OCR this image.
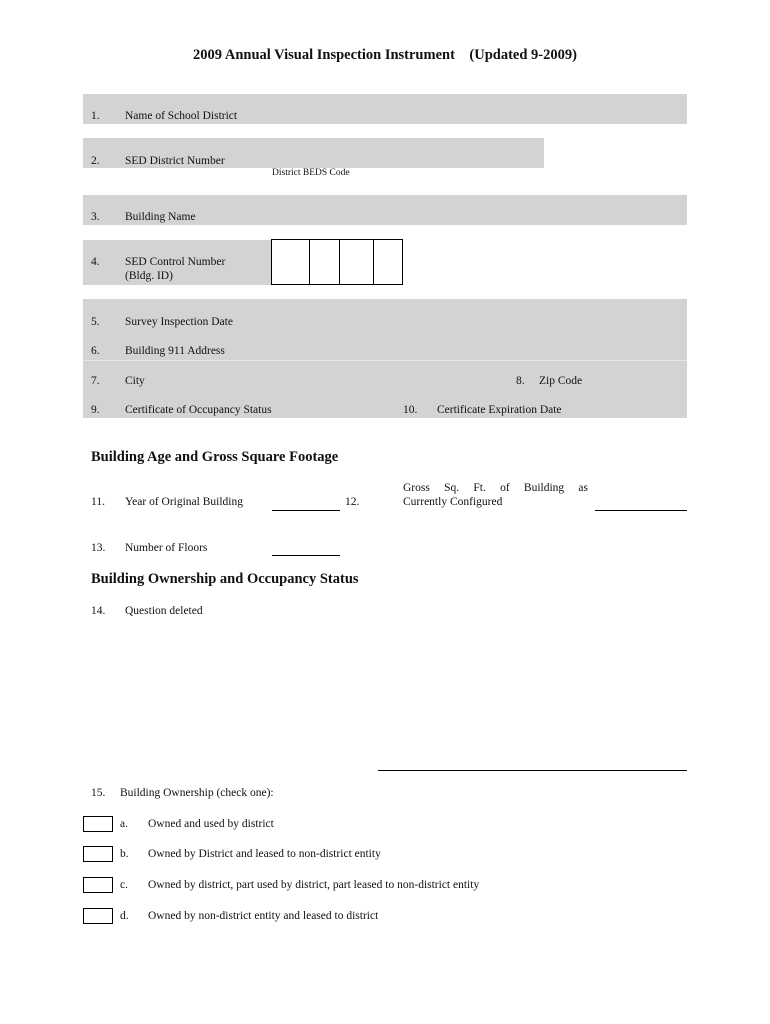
2009 Annual Visual Inspection Instrument    (Updated 9-2009)
1. Name of School District
2. SED District Number
District BEDS Code
3. Building Name
4. SED Control Number
(Bldg. ID)
5. Survey Inspection Date
6. Building 911 Address
7. City	8. Zip Code
9. Certificate of Occupancy Status	10. Certificate Expiration Date
Building Age and Gross Square Footage
11. Year of Original Building	12.
Gross Sq. Ft. of Building as
Currently Configured
13. Number of Floors
Building Ownership and Occupancy Status
14. Question deleted
15. Building Ownership (check one):
a. Owned and used by district
b. Owned by District and leased to non-district entity
c. Owned by district, part used by district, part leased to non-district entity
d. Owned by non-district entity and leased to district
